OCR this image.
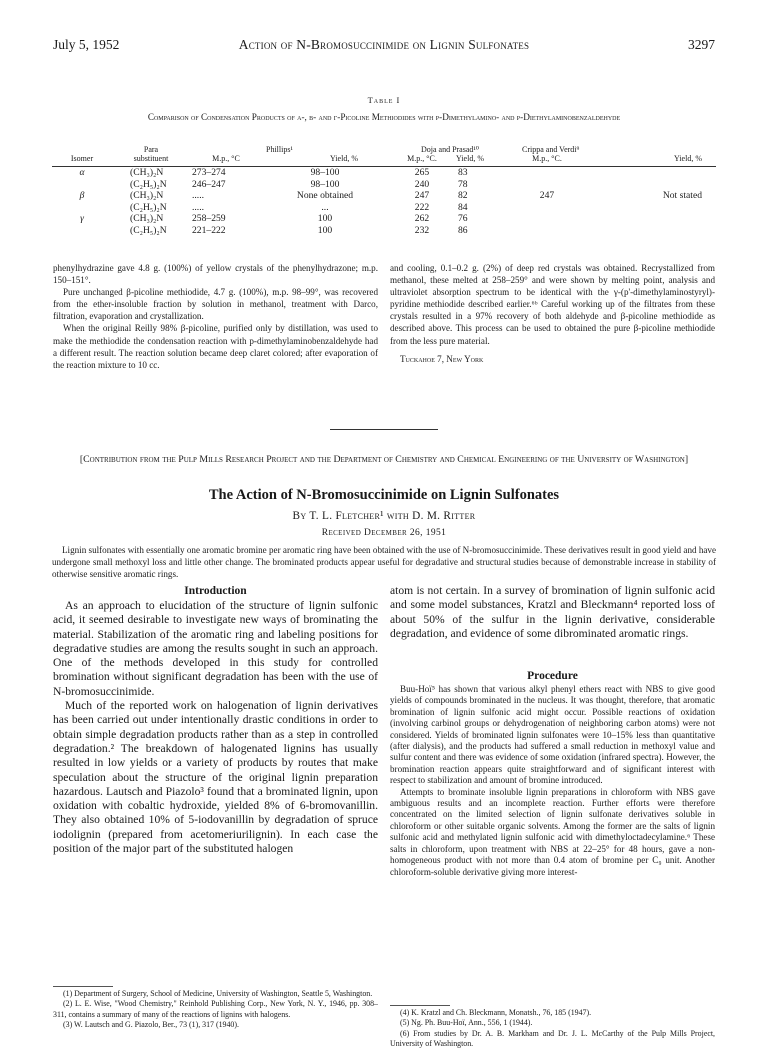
July 5, 1952	Action of N-Bromosuccinimide on Lignin Sulfonates	3297
Table I
Comparison of Condensation Products of α-, β- and γ-Picoline Methiodides with p-Dimethylamino- and p-Diethylaminobenzaldehyde
	Para		Phillips¹	Doja and Prasad¹⁰		Crippa and Verdi⁹	
Isomer	substituent	M.p., °C	Yield, %	M.p., °C.	Yield, %	M.p., °C.	Yield, %

α	(CH₃)₂N	273–274	98–100	265	83		
	(C₂H₅)₂N	246–247	98–100	240	78		
β	(CH₃)₂N	.....	None obtained	247	82	247	Not stated
	(C₂H₅)₂N	.....	...	222	84		
γ	(CH₃)₂N	258–259	100	262	76		
	(C₂H₅)₂N	221–222	100	232	86		

phenylhydrazine gave 4.8 g. (100%) of yellow crystals of the phenylhydrazone; m.p. 150–151°.

Pure unchanged β-picoline methiodide, 4.7 g. (100%), m.p. 98–99°, was recovered from the ether-insoluble fraction by solution in methanol, treatment with Darco, filtration, evaporation and crystallization.

When the original Reilly 98% β-picoline, purified only by distillation, was used to make the methiodide the condensation reaction with p-dimethylaminobenzaldehyde had a different result. The reaction solution became deep claret colored; after evaporation of the reaction mixture to 10 cc.

and cooling, 0.1–0.2 g. (2%) of deep red crystals was obtained. Recrystallized from methanol, these melted at 258–259° and were shown by melting point, analysis and ultraviolet absorption spectrum to be identical with the γ-(p'-dimethylaminostyryl)-pyridine methiodide described earlier.⁶ᵇ Careful working up of the filtrates from these crystals resulted in a 97% recovery of both aldehyde and β-picoline methiodide as described above. This process can be used to obtained the pure β-picoline methiodide from the less pure material.

Tuckahoe 7, New York

[Contribution from the Pulp Mills Research Project and the Department of Chemistry and Chemical Engineering of the University of Washington]
The Action of N-Bromosuccinimide on Lignin Sulfonates
By T. L. Fletcher¹ with D. M. Ritter
Received December 26, 1951
Lignin sulfonates with essentially one aromatic bromine per aromatic ring have been obtained with the use of N-bromosuccinimide. These derivatives result in good yield and have undergone small methoxyl loss and little other change. The brominated products appear useful for degradative and structural studies because of demonstrable increase in stability of otherwise sensitive aromatic rings.
Introduction

As an approach to elucidation of the structure of lignin sulfonic acid, it seemed desirable to investigate new ways of brominating the material. Stabilization of the aromatic ring and labeling positions for degradative studies are among the results sought in such an approach. One of the methods developed in this study for controlled bromination without significant degradation has been with the use of N-bromosuccinimide.

Much of the reported work on halogenation of lignin derivatives has been carried out under intentionally drastic conditions in order to obtain simple degradation products rather than as a step in controlled degradation.² The breakdown of halogenated lignins has usually resulted in low yields or a variety of products by routes that make speculation about the structure of the original lignin preparation hazardous. Lautsch and Piazolo³ found that a brominated lignin, upon oxidation with cobaltic hydroxide, yielded 8% of 6-bromovanillin. They also obtained 10% of 5-iodovanillin by degradation of spruce iodolignin (prepared from acetomeriurilignin). In each case the position of the major part of the substituted halogen

atom is not certain. In a survey of bromination of lignin sulfonic acid and some model substances, Kratzl and Bleckmann⁴ reported loss of about 50% of the sulfur in the lignin derivative, considerable degradation, and evidence of some dibrominated aromatic rings.

Procedure

Buu-Hoï⁵ has shown that various alkyl phenyl ethers react with NBS to give good yields of compounds brominated in the nucleus. It was thought, therefore, that aromatic bromination of lignin sulfonic acid might occur. Possible reactions of oxidation (involving carbinol groups or dehydrogenation of neighboring carbon atoms) were not considered. Yields of brominated lignin sulfonates were 10–15% less than quantitative (after dialysis), and the products had suffered a small reduction in methoxyl value and sulfur content and there was evidence of some oxidation (infrared spectra). However, the bromination reaction appears quite straightforward and of significant interest with respect to stabilization and amount of bromine introduced.

Attempts to brominate insoluble lignin preparations in chloroform with NBS gave ambiguous results and an incomplete reaction. Further efforts were therefore concentrated on the limited selection of lignin sulfonate derivatives soluble in chloroform or other suitable organic solvents. Among the former are the salts of lignin sulfonic acid and methylated lignin sulfonic acid with dimethyloctadecylamine.⁶ These salts in chloroform, upon treatment with NBS at 22–25° for 48 hours, gave a non-homogeneous product with not more than 0.4 atom of bromine per C₉ unit. Another chloroform-soluble derivative giving more interest-

(1) Department of Surgery, School of Medicine, University of Washington, Seattle 5, Washington.

(2) L. E. Wise, "Wood Chemistry," Reinhold Publishing Corp., New York, N. Y., 1946, pp. 308–311, contains a summary of many of the reactions of lignins with halogens.

(3) W. Lautsch and G. Piazolo, Ber., 73 (1), 317 (1940).

(4) K. Kratzl and Ch. Bleckmann, Monatsh., 76, 185 (1947).

(5) Ng. Ph. Buu-Hoï, Ann., 556, 1 (1944).

(6) From studies by Dr. A. B. Markham and Dr. J. L. McCarthy of the Pulp Mills Project, University of Washington.
